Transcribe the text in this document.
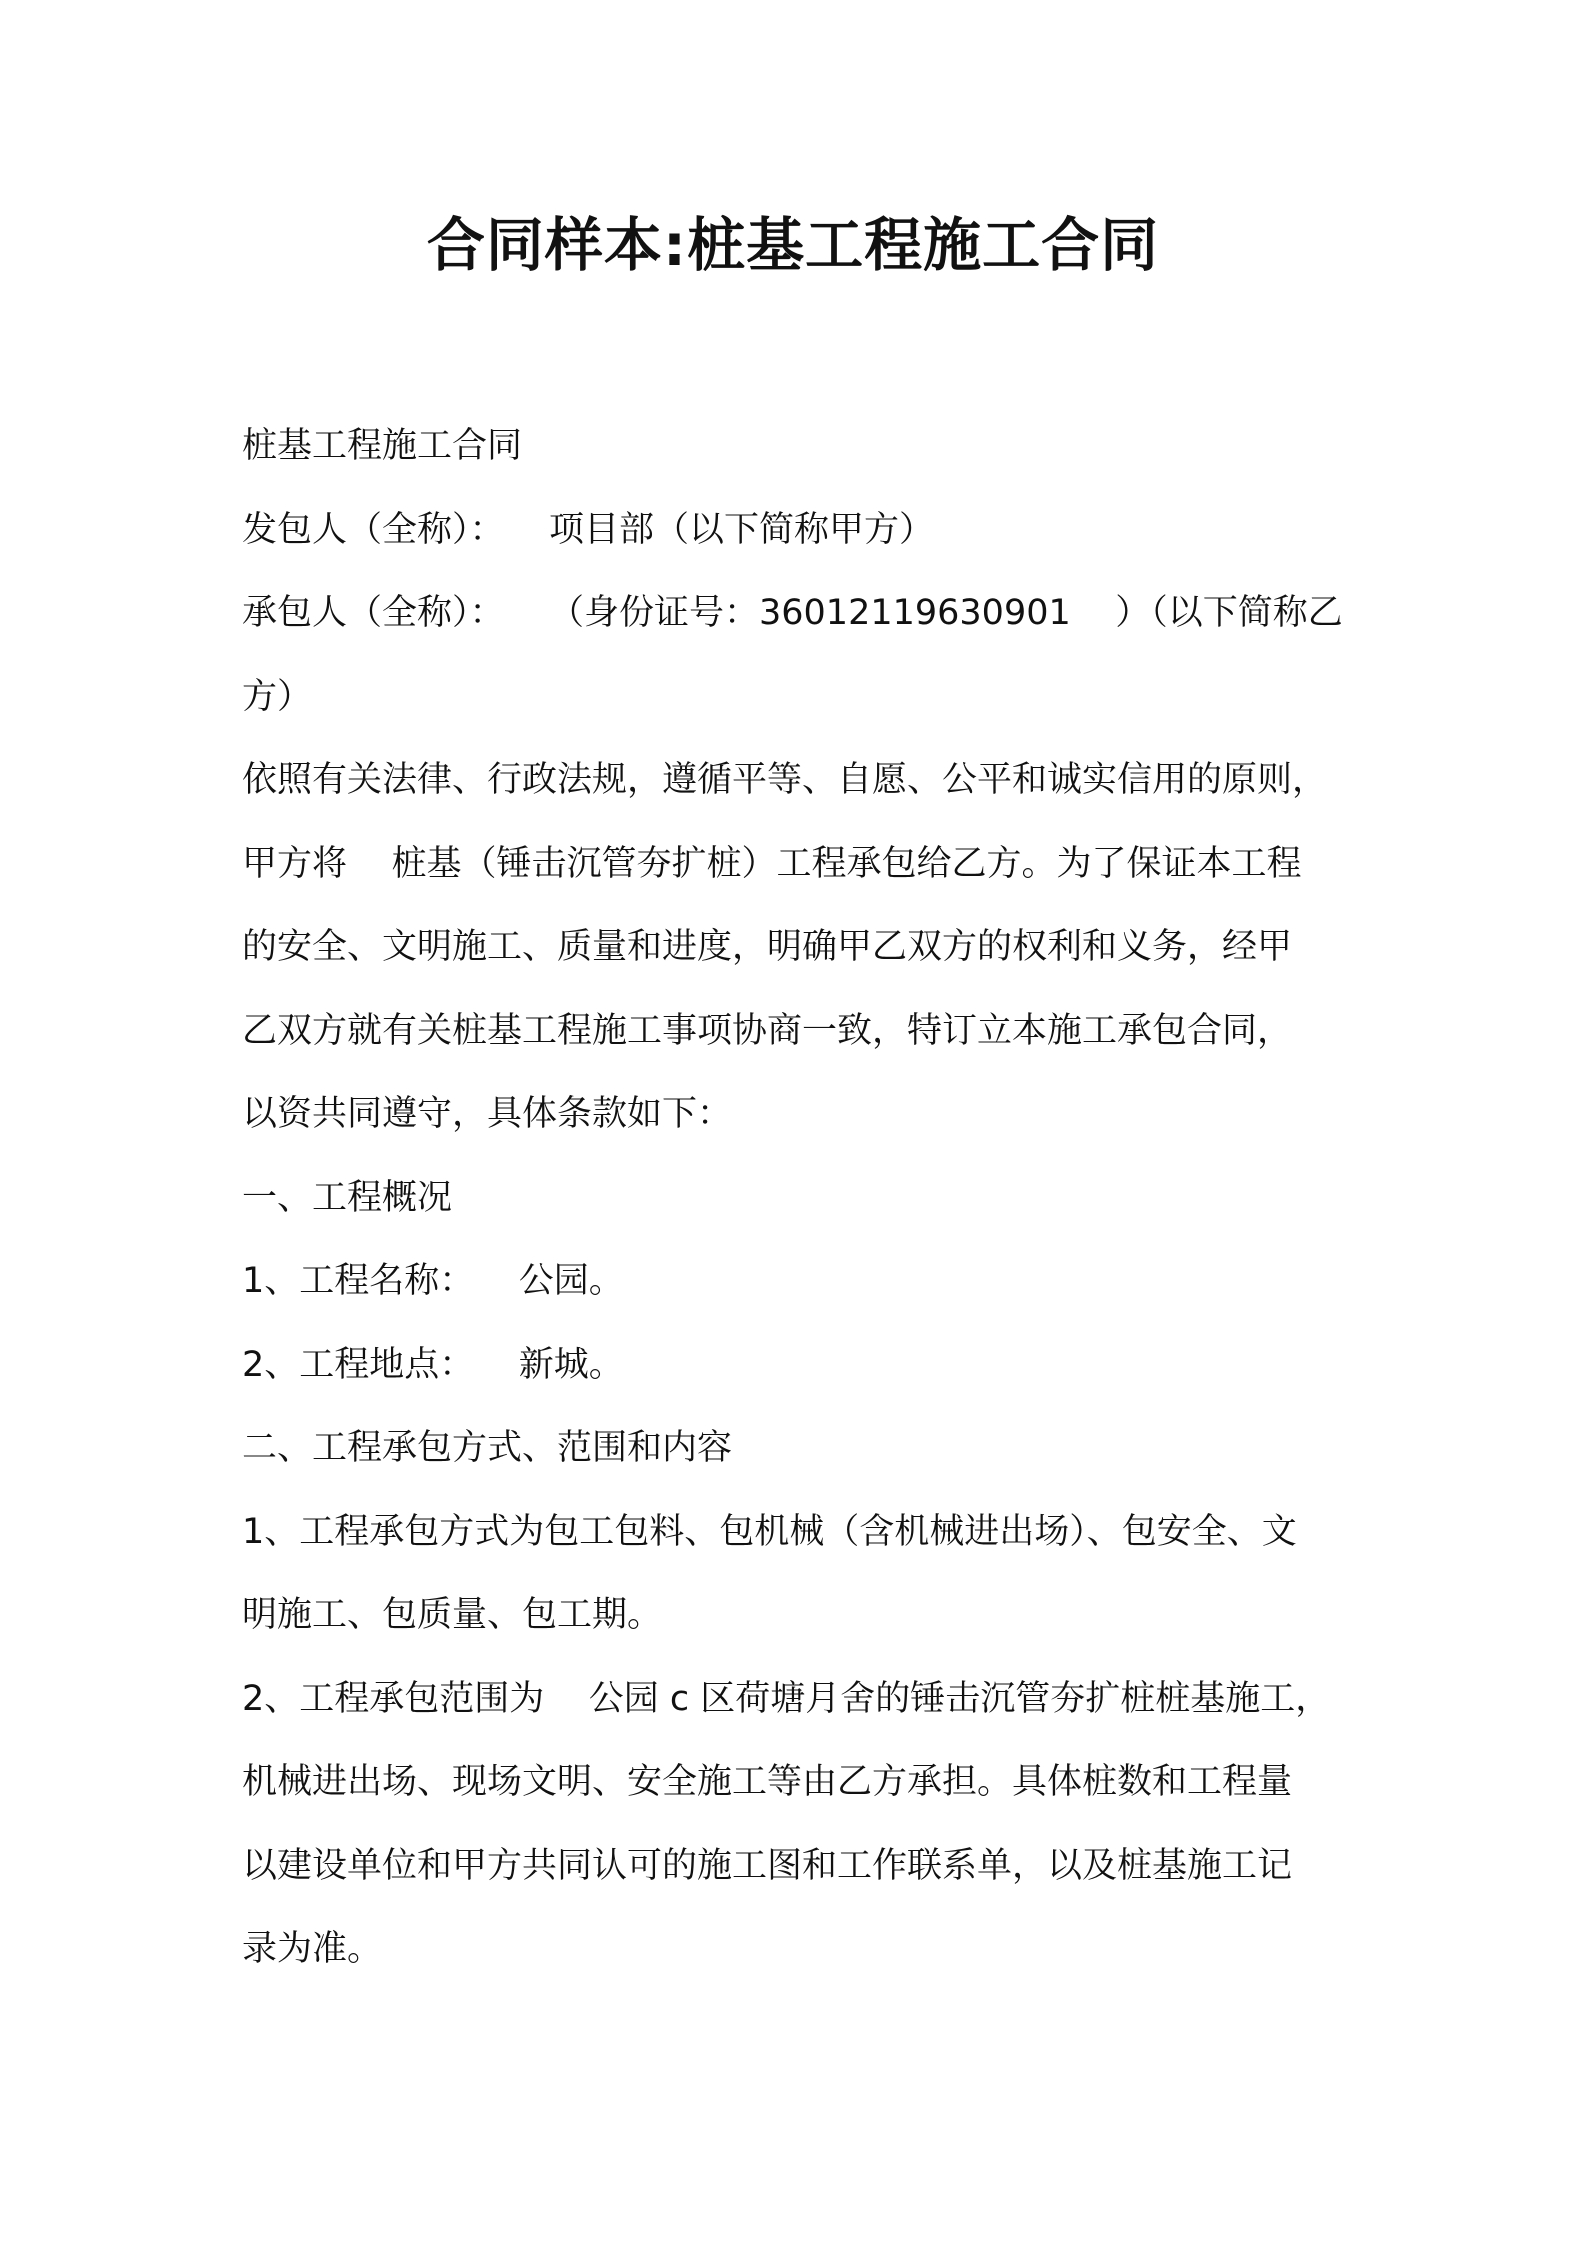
合同样本:桩基工程施工合同
桩基工程施工合同
发包人（全称）：    项目部（以下简称甲方）
承包人（全称）：    （身份证号：36012119630901    ）（以下简称乙
方）
依照有关法律、行政法规，遵循平等、自愿、公平和诚实信用的原则，
甲方将    桩基（锤击沉管夯扩桩）工程承包给乙方。为了保证本工程
的安全、文明施工、质量和进度，明确甲乙双方的权利和义务，经甲
乙双方就有关桩基工程施工事项协商一致，特订立本施工承包合同，
以资共同遵守，具体条款如下：
一、工程概况
1、工程名称：    公园。
2、工程地点：    新城。
二、工程承包方式、范围和内容
1、工程承包方式为包工包料、包机械（含机械进出场）、包安全、文
明施工、包质量、包工期。
2、工程承包范围为    公园 c 区荷塘月舍的锤击沉管夯扩桩桩基施工，
机械进出场、现场文明、安全施工等由乙方承担。具体桩数和工程量
以建设单位和甲方共同认可的施工图和工作联系单，以及桩基施工记
录为准。
